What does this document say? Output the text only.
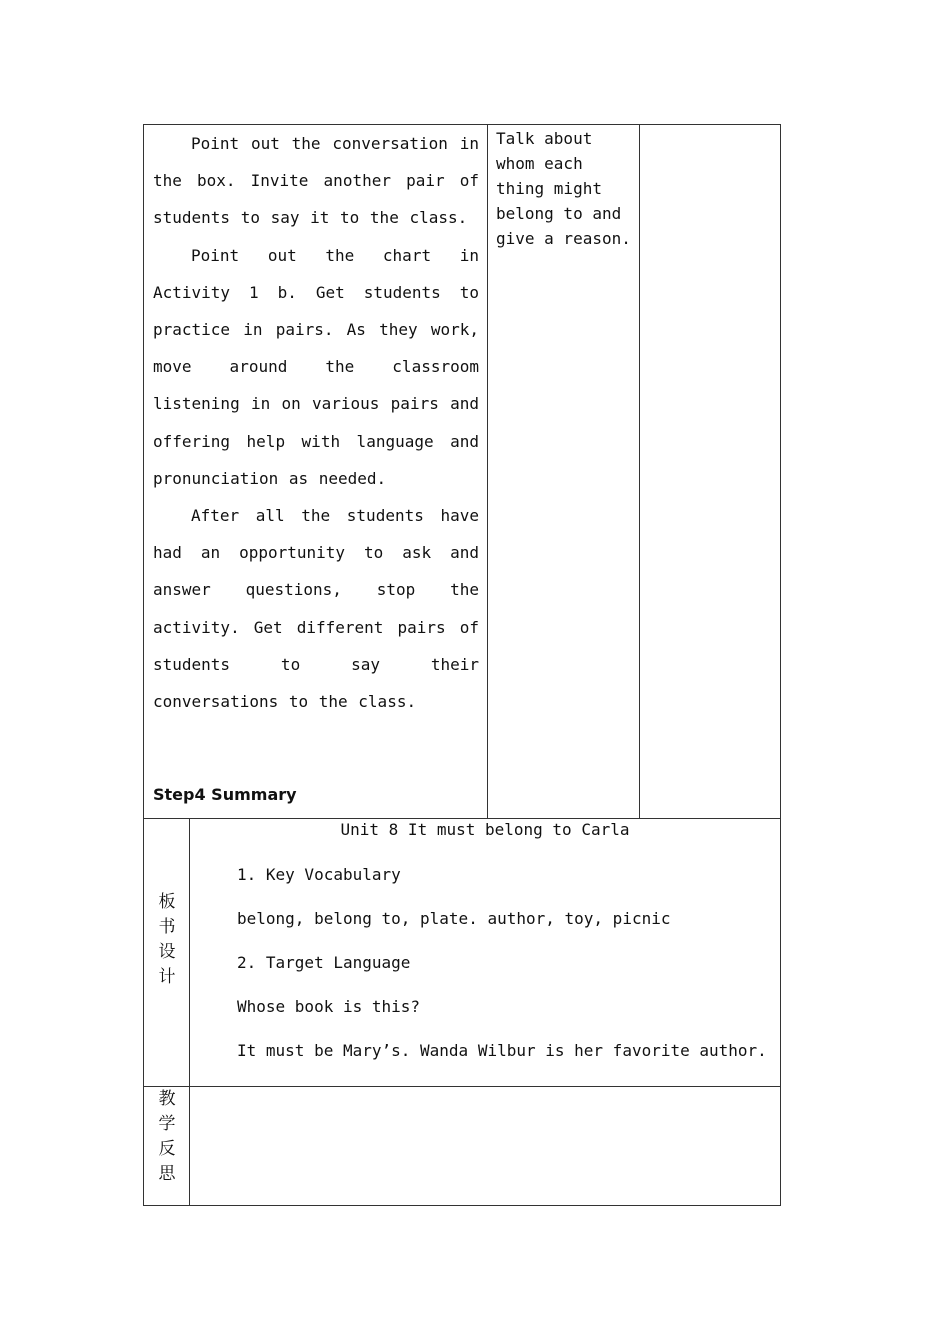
Point out the conversation in the box. Invite another pair of students to say it to the class.

Point out the chart in Activity 1 b. Get students to practice in pairs. As they work, move around the classroom listening in on various pairs and offering help with language and pronunciation as needed.

After all the students have had an opportunity to ask and answer questions, stop the activity. Get different pairs of students to say their conversations to the class.

Step4 Summary
Talk about whom each thing might belong to and give a reason.
板
书
设
计
Unit 8 It must belong to Carla
1. Key Vocabulary
belong, belong to, plate. author, toy, picnic
2. Target Language
Whose book is this?
It must be Mary’s. Wanda Wilbur is her favorite author.
教
学
反
思
